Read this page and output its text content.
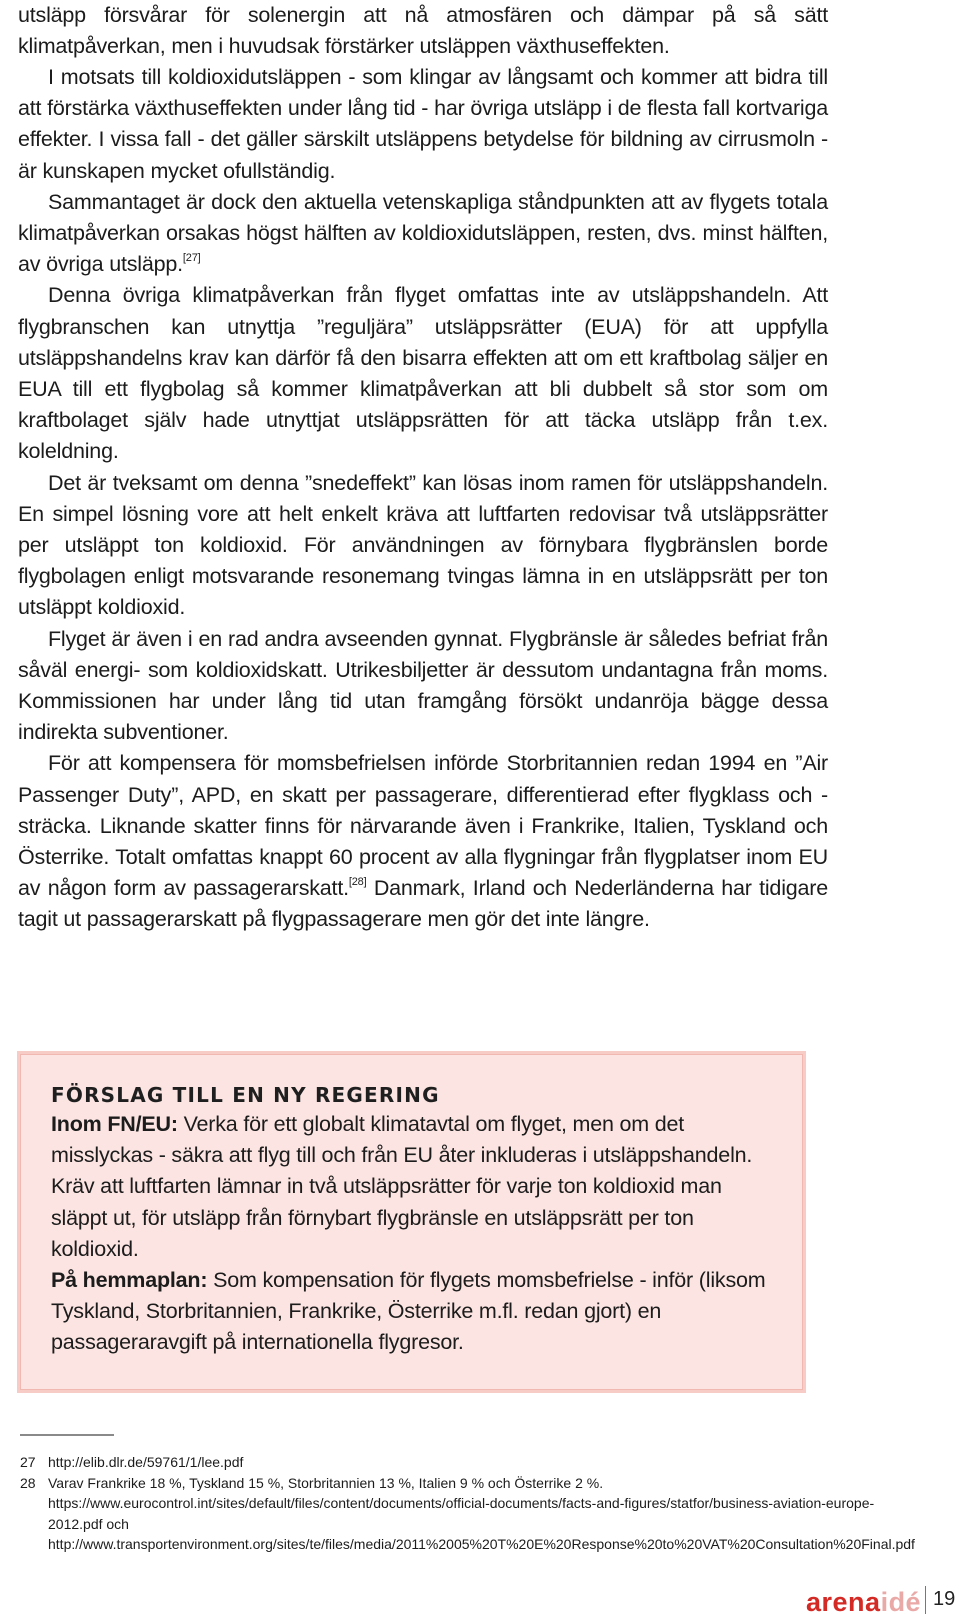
utsläpp försvårar för solenergin att nå atmosfären och dämpar på så sätt klimatpåverkan, men i huvudsak förstärker utsläppen växthuseffekten.

I motsats till koldioxidutsläppen - som klingar av långsamt och kommer att bidra till att förstärka växthuseffekten under lång tid - har övriga utsläpp i de flesta fall kortvariga effekter. I vissa fall - det gäller särskilt utsläppens betydelse för bildning av cirrusmoln - är kunskapen mycket ofullständig.

Sammantaget är dock den aktuella vetenskapliga ståndpunkten att av flygets totala klimatpåverkan orsakas högst hälften av koldioxidutsläppen, resten, dvs. minst hälften, av övriga utsläpp.[27]

Denna övriga klimatpåverkan från flyget omfattas inte av utsläppshandeln. Att flygbranschen kan utnyttja ”reguljära” utsläppsrätter (EUA) för att uppfylla utsläppshandelns krav kan därför få den bisarra effekten att om ett kraftbolag säljer en EUA till ett flygbolag så kommer klimatpåverkan att bli dubbelt så stor som om kraftbolaget själv hade utnyttjat utsläppsrätten för att täcka utsläpp från t.ex. koleldning.

Det är tveksamt om denna ”snedeffekt” kan lösas inom ramen för utsläppshandeln. En simpel lösning vore att helt enkelt kräva att luftfarten redovisar två utsläppsrätter per utsläppt ton koldioxid. För användningen av förnybara flygbränslen borde flygbolagen enligt motsvarande resonemang tvingas lämna in en utsläppsrätt per ton utsläppt koldioxid.

Flyget är även i en rad andra avseenden gynnat. Flygbränsle är således befriat från såväl energi- som koldioxidskatt. Utrikesbiljetter är dessutom undantagna från moms. Kommissionen har under lång tid utan framgång försökt undanröja bägge dessa indirekta subventioner.

För att kompensera för momsbefrielsen införde Storbritannien redan 1994 en ”Air Passenger Duty”, APD, en skatt per passagerare, differentierad efter flygklass och -sträcka. Liknande skatter finns för närvarande även i Frankrike, Italien, Tyskland och Österrike. Totalt omfattas knappt 60 procent av alla flygningar från flygplatser inom EU av någon form av passagerarskatt.[28] Danmark, Irland och Nederländerna har tidigare tagit ut passagerarskatt på flygpassagerare men gör det inte längre.

FÖRSLAG TILL EN NY REGERING

Inom FN/EU: Verka för ett globalt klimatavtal om flyget, men om det misslyckas - säkra att flyg till och från EU åter inkluderas i utsläppshandeln. Kräv att luftfarten lämnar in två utsläppsrätter för varje ton koldioxid man släppt ut, för utsläpp från förnybart flygbränsle en utsläppsrätt per ton koldioxid.

På hemmaplan: Som kompensation för flygets momsbefrielse - inför (liksom Tyskland, Storbritannien, Frankrike, Österrike m.fl. redan gjort) en passageraravgift på internationella flygresor.

27 http://elib.dlr.de/59761/1/lee.pdf
28 Varav Frankrike 18 %, Tyskland 15 %, Storbritannien 13 %, Italien 9 % och Österrike 2 %. https://www.eurocontrol.int/sites/default/files/content/documents/official-documents/facts-and-figures/statfor/business-aviation-europe-2012.pdf och http://www.transportenvironment.org/sites/te/files/media/2011%2005%20T%20E%20Response%20to%20VAT%20Consultation%20Final.pdf
arenaidé 19
